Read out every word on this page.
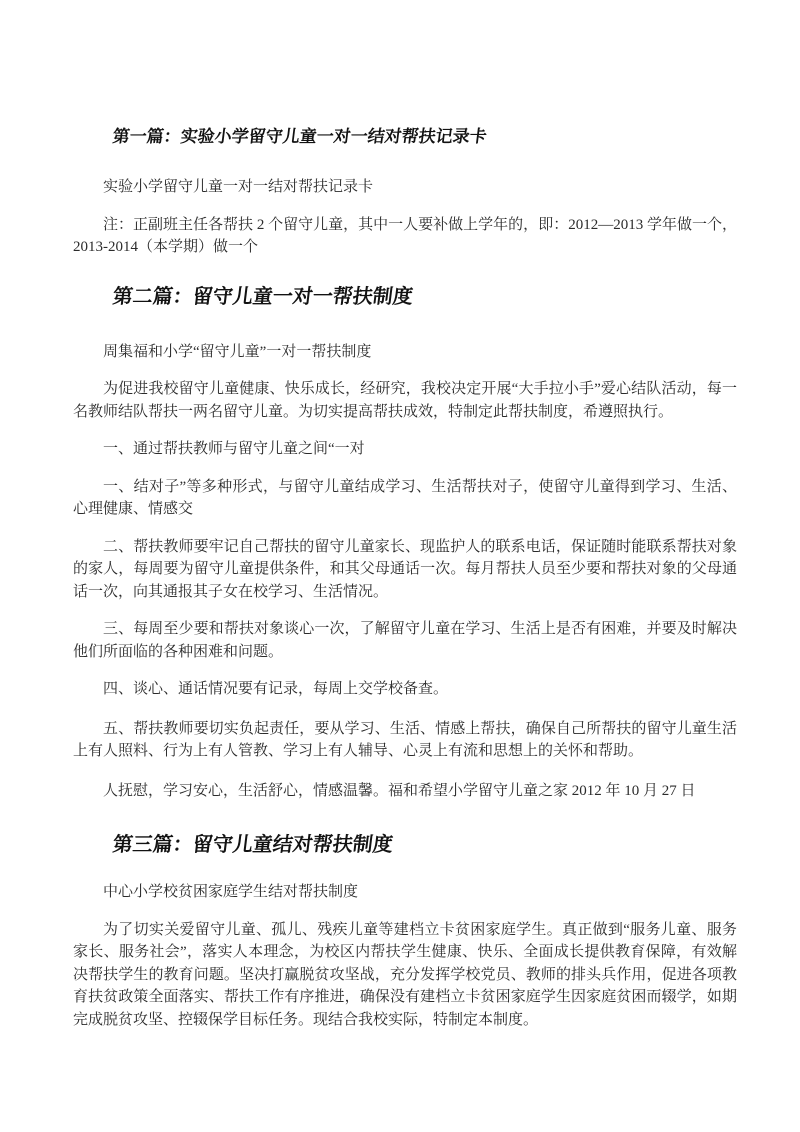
第一篇：实验小学留守儿童一对一结对帮扶记录卡

实验小学留守儿童一对一结对帮扶记录卡

注：正副班主任各帮扶 2 个留守儿童，其中一人要补做上学年的，即：2012—2013 学年做一个，2013-2014（本学期）做一个

第二篇：留守儿童一对一帮扶制度

周集福和小学“留守儿童”一对一帮扶制度

为促进我校留守儿童健康、快乐成长，经研究，我校决定开展“大手拉小手”爱心结队活动，每一名教师结队帮扶一两名留守儿童。为切实提高帮扶成效，特制定此帮扶制度，希遵照执行。

一、通过帮扶教师与留守儿童之间“一对

一、结对子”等多种形式，与留守儿童结成学习、生活帮扶对子，使留守儿童得到学习、生活、心理健康、情感交

二、帮扶教师要牢记自己帮扶的留守儿童家长、现监护人的联系电话，保证随时能联系帮扶对象的家人，每周要为留守儿童提供条件，和其父母通话一次。每月帮扶人员至少要和帮扶对象的父母通话一次，向其通报其子女在校学习、生活情况。

三、每周至少要和帮扶对象谈心一次，了解留守儿童在学习、生活上是否有困难，并要及时解决他们所面临的各种困难和问题。

四、谈心、通话情况要有记录，每周上交学校备查。

五、帮扶教师要切实负起责任，要从学习、生活、情感上帮扶，确保自己所帮扶的留守儿童生活上有人照料、行为上有人管教、学习上有人辅导、心灵上有流和思想上的关怀和帮助。

人抚慰，学习安心，生活舒心，情感温馨。福和希望小学留守儿童之家 2012 年 10 月 27 日

第三篇：留守儿童结对帮扶制度

中心小学校贫困家庭学生结对帮扶制度

为了切实关爱留守儿童、孤儿、残疾儿童等建档立卡贫困家庭学生。真正做到“服务儿童、服务家长、服务社会”，落实人本理念，为校区内帮扶学生健康、快乐、全面成长提供教育保障，有效解决帮扶学生的教育问题。坚决打赢脱贫攻坚战，充分发挥学校党员、教师的排头兵作用，促进各项教育扶贫政策全面落实、帮扶工作有序推进，确保没有建档立卡贫困家庭学生因家庭贫困而辍学，如期完成脱贫攻坚、控辍保学目标任务。现结合我校实际，特制定本制度。
